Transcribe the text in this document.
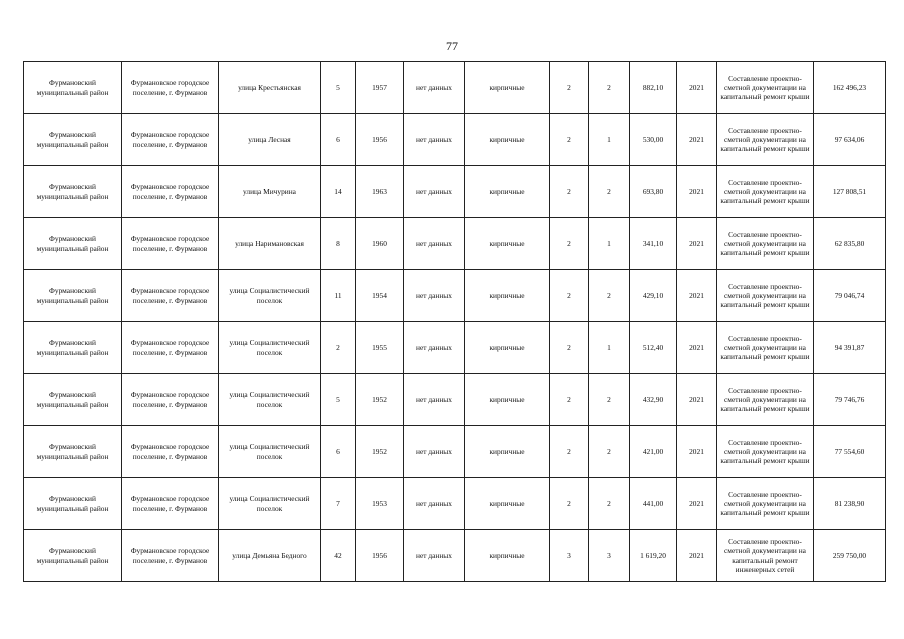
77
Фурмановский муниципальный район	Фурмановское городское поселение, г. Фурманов	улица Крестьянская	5	1957	нет данных	кирпичные	2	2	882,10	2021	Составление проектно-сметной документации на капитальный ремонт крыши	162 496,23
Фурмановский муниципальный район	Фурмановское городское поселение, г. Фурманов	улица Лесная	6	1956	нет данных	кирпичные	2	1	530,00	2021	Составление проектно-сметной документации на капитальный ремонт крыши	97 634,06
Фурмановский муниципальный район	Фурмановское городское поселение, г. Фурманов	улица Мичурина	14	1963	нет данных	кирпичные	2	2	693,80	2021	Составление проектно-сметной документации на капитальный ремонт крыши	127 808,51
Фурмановский муниципальный район	Фурмановское городское поселение, г. Фурманов	улица Наримановская	8	1960	нет данных	кирпичные	2	1	341,10	2021	Составление проектно-сметной документации на капитальный ремонт крыши	62 835,80
Фурмановский муниципальный район	Фурмановское городское поселение, г. Фурманов	улица Социалистический поселок	11	1954	нет данных	кирпичные	2	2	429,10	2021	Составление проектно-сметной документации на капитальный ремонт крыши	79 046,74
Фурмановский муниципальный район	Фурмановское городское поселение, г. Фурманов	улица Социалистический поселок	2	1955	нет данных	кирпичные	2	1	512,40	2021	Составление проектно-сметной документации на капитальный ремонт крыши	94 391,87
Фурмановский муниципальный район	Фурмановское городское поселение, г. Фурманов	улица Социалистический поселок	5	1952	нет данных	кирпичные	2	2	432,90	2021	Составление проектно-сметной документации на капитальный ремонт крыши	79 746,76
Фурмановский муниципальный район	Фурмановское городское поселение, г. Фурманов	улица Социалистический поселок	6	1952	нет данных	кирпичные	2	2	421,00	2021	Составление проектно-сметной документации на капитальный ремонт крыши	77 554,60
Фурмановский муниципальный район	Фурмановское городское поселение, г. Фурманов	улица Социалистический поселок	7	1953	нет данных	кирпичные	2	2	441,00	2021	Составление проектно-сметной документации на капитальный ремонт крыши	81 238,90
Фурмановский муниципальный район	Фурмановское городское поселение, г. Фурманов	улица Демьяна Бедного	42	1956	нет данных	кирпичные	3	3	1 619,20	2021	Составление проектно-сметной документации на капитальный ремонт инженерных сетей	259 750,00
